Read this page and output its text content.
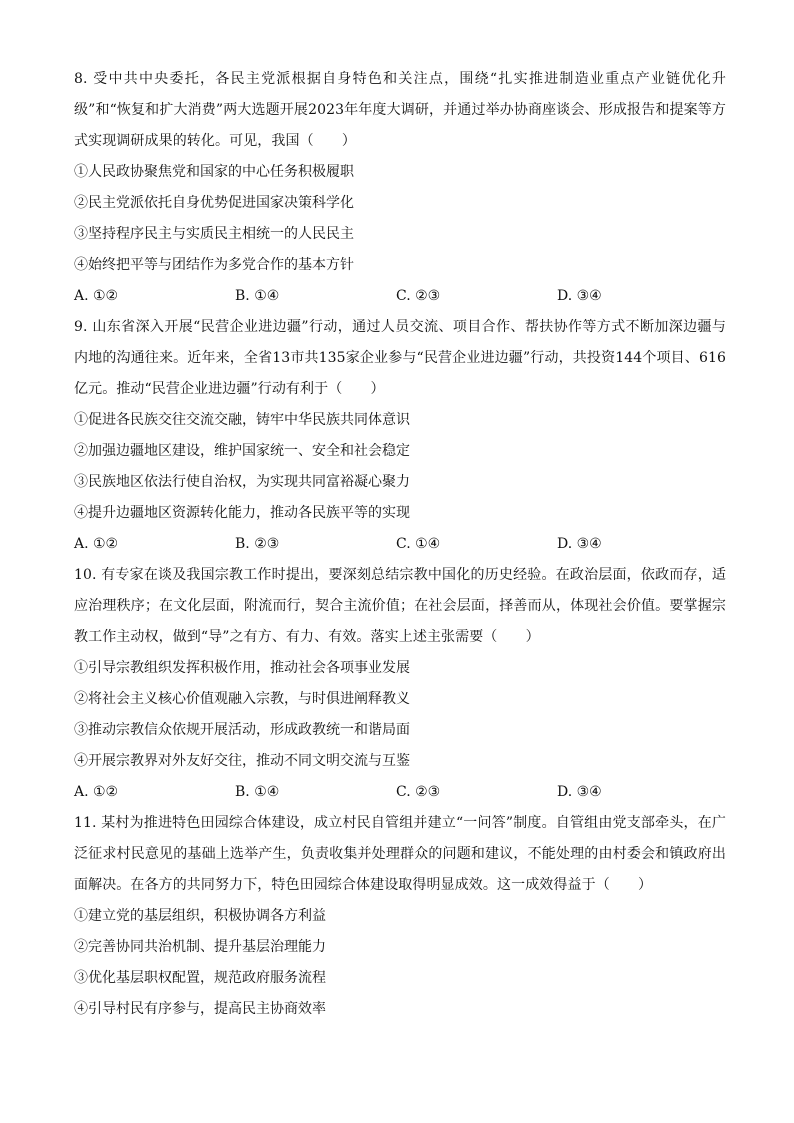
8. 受中共中央委托，各民主党派根据自身特色和关注点，围绕“扎实推进制造业重点产业链优化升级”和“恢复和扩大消费”两大选题开展2023年年度大调研，并通过举办协商座谈会、形成报告和提案等方式实现调研成果的转化。可见，我国（　　）

①人民政协聚焦党和国家的中心任务积极履职

②民主党派依托自身优势促进国家决策科学化

③坚持程序民主与实质民主相统一的人民民主

④始终把平等与团结作为多党合作的基本方针

A. ①②	B. ①④	C. ②③	D. ③④

9. 山东省深入开展“民营企业进边疆”行动，通过人员交流、项目合作、帮扶协作等方式不断加深边疆与内地的沟通往来。近年来，全省13市共135家企业参与“民营企业进边疆”行动，共投资144个项目、616亿元。推动“民营企业进边疆”行动有利于（　　）

①促进各民族交往交流交融，铸牢中华民族共同体意识

②加强边疆地区建设，维护国家统一、安全和社会稳定

③民族地区依法行使自治权，为实现共同富裕凝心聚力

④提升边疆地区资源转化能力，推动各民族平等的实现

A. ①②	B. ②③	C. ①④	D. ③④

10. 有专家在谈及我国宗教工作时提出，要深刻总结宗教中国化的历史经验。在政治层面，依政而存，适应治理秩序；在文化层面，附流而行，契合主流价值；在社会层面，择善而从，体现社会价值。要掌握宗教工作主动权，做到“导”之有方、有力、有效。落实上述主张需要（　　）

①引导宗教组织发挥积极作用，推动社会各项事业发展

②将社会主义核心价值观融入宗教，与时俱进阐释教义

③推动宗教信众依规开展活动，形成政教统一和谐局面

④开展宗教界对外友好交往，推动不同文明交流与互鉴

A. ①②	B. ①④	C. ②③	D. ③④

11. 某村为推进特色田园综合体建设，成立村民自管组并建立“一问答”制度。自管组由党支部牵头，在广泛征求村民意见的基础上选举产生，负责收集并处理群众的问题和建议，不能处理的由村委会和镇政府出面解决。在各方的共同努力下，特色田园综合体建设取得明显成效。这一成效得益于（　　）

①建立党的基层组织，积极协调各方利益

②完善协同共治机制、提升基层治理能力

③优化基层职权配置，规范政府服务流程

④引导村民有序参与，提高民主协商效率
